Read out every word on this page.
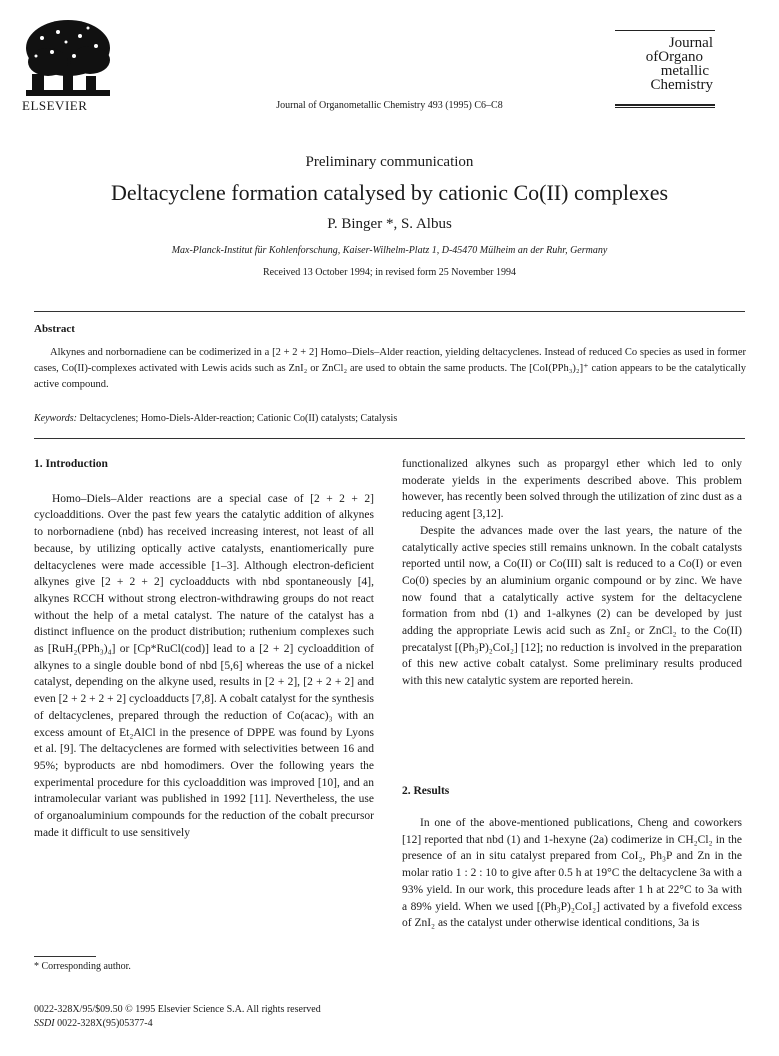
ELSEVIER	Journal of Organometallic Chemistry 493 (1995) C6–C8
Journal
ofOrgano
metallic
Chemistry
Preliminary communication
Deltacyclene formation catalysed by cationic Co(II) complexes
P. Binger *, S. Albus
Max-Planck-Institut für Kohlenforschung, Kaiser-Wilhelm-Platz 1, D-45470 Mülheim an der Ruhr, Germany
Received 13 October 1994; in revised form 25 November 1994
Abstract
Alkynes and norbornadiene can be codimerized in a [2 + 2 + 2] Homo–Diels–Alder reaction, yielding deltacyclenes. Instead of reduced Co species as used in former cases, Co(II)-complexes activated with Lewis acids such as ZnI₂ or ZnCl₂ are used to obtain the same products. The [CoI(PPh₃)₂]⁺ cation appears to be the catalytically active compound.
Keywords: Deltacyclenes; Homo-Diels-Alder-reaction; Cationic Co(II) catalysts; Catalysis
1. Introduction
Homo–Diels–Alder reactions are a special case of [2 + 2 + 2] cycloadditions. Over the past few years the catalytic addition of alkynes to norbornadiene (nbd) has received increasing interest, not least of all because, by utilizing optically active catalysts, enantiomerically pure deltacyclenes were made accessible [1–3]. Although electron-deficient alkynes give [2 + 2 + 2] cycloadducts with nbd spontaneously [4], alkynes RCCH without strong electron-withdrawing groups do not react without the help of a metal catalyst. The nature of the catalyst has a distinct influence on the product distribution; ruthenium complexes such as [RuH₂(PPh₃)₄] or [Cp*RuCl(cod)] lead to a [2 + 2] cycloaddition of alkynes to a single double bond of nbd [5,6] whereas the use of a nickel catalyst, depending on the alkyne used, results in [2 + 2], [2 + 2 + 2] and even [2 + 2 + 2 + 2] cycloadducts [7,8]. A cobalt catalyst for the synthesis of deltacyclenes, prepared through the reduction of Co(acac)₃ with an excess amount of Et₂AlCl in the presence of DPPE was found by Lyons et al. [9]. The deltacyclenes are formed with selectivities between 16 and 95%; byproducts are nbd homodimers. Over the following years the experimental procedure for this cycloaddition was improved [10], and an intramolecular variant was published in 1992 [11]. Nevertheless, the use of organoaluminium compounds for the reduction of the cobalt precursor made it difficult to use sensitively
functionalized alkynes such as propargyl ether which led to only moderate yields in the experiments described above. This problem however, has recently been solved through the utilization of zinc dust as a reducing agent [3,12].
Despite the advances made over the last years, the nature of the catalytically active species still remains unknown. In the cobalt catalysts reported until now, a Co(II) or Co(III) salt is reduced to a Co(I) or even Co(0) species by an aluminium organic compound or by zinc. We have now found that a catalytically active system for the deltacyclene formation from nbd (1) and 1-alkynes (2) can be developed by just adding the appropriate Lewis acid such as ZnI₂ or ZnCl₂ to the Co(II) precatalyst [(Ph₃P)₂CoI₂] [12]; no reduction is involved in the preparation of this new active cobalt catalyst. Some preliminary results produced with this new catalytic system are reported herein.
2. Results
In one of the above-mentioned publications, Cheng and coworkers [12] reported that nbd (1) and 1-hexyne (2a) codimerize in CH₂Cl₂ in the presence of an in situ catalyst prepared from CoI₂, Ph₃P and Zn in the molar ratio 1 : 2 : 10 to give after 0.5 h at 19°C the deltacyclene 3a with a 93% yield. In our work, this procedure leads after 1 h at 22°C to 3a with a 89% yield. When we used [(Ph₃P)₂CoI₂] activated by a fivefold excess of ZnI₂ as the catalyst under otherwise identical conditions, 3a is
* Corresponding author.
0022-328X/95/$09.50 © 1995 Elsevier Science S.A. All rights reserved
SSDI 0022-328X(95)05377-4
